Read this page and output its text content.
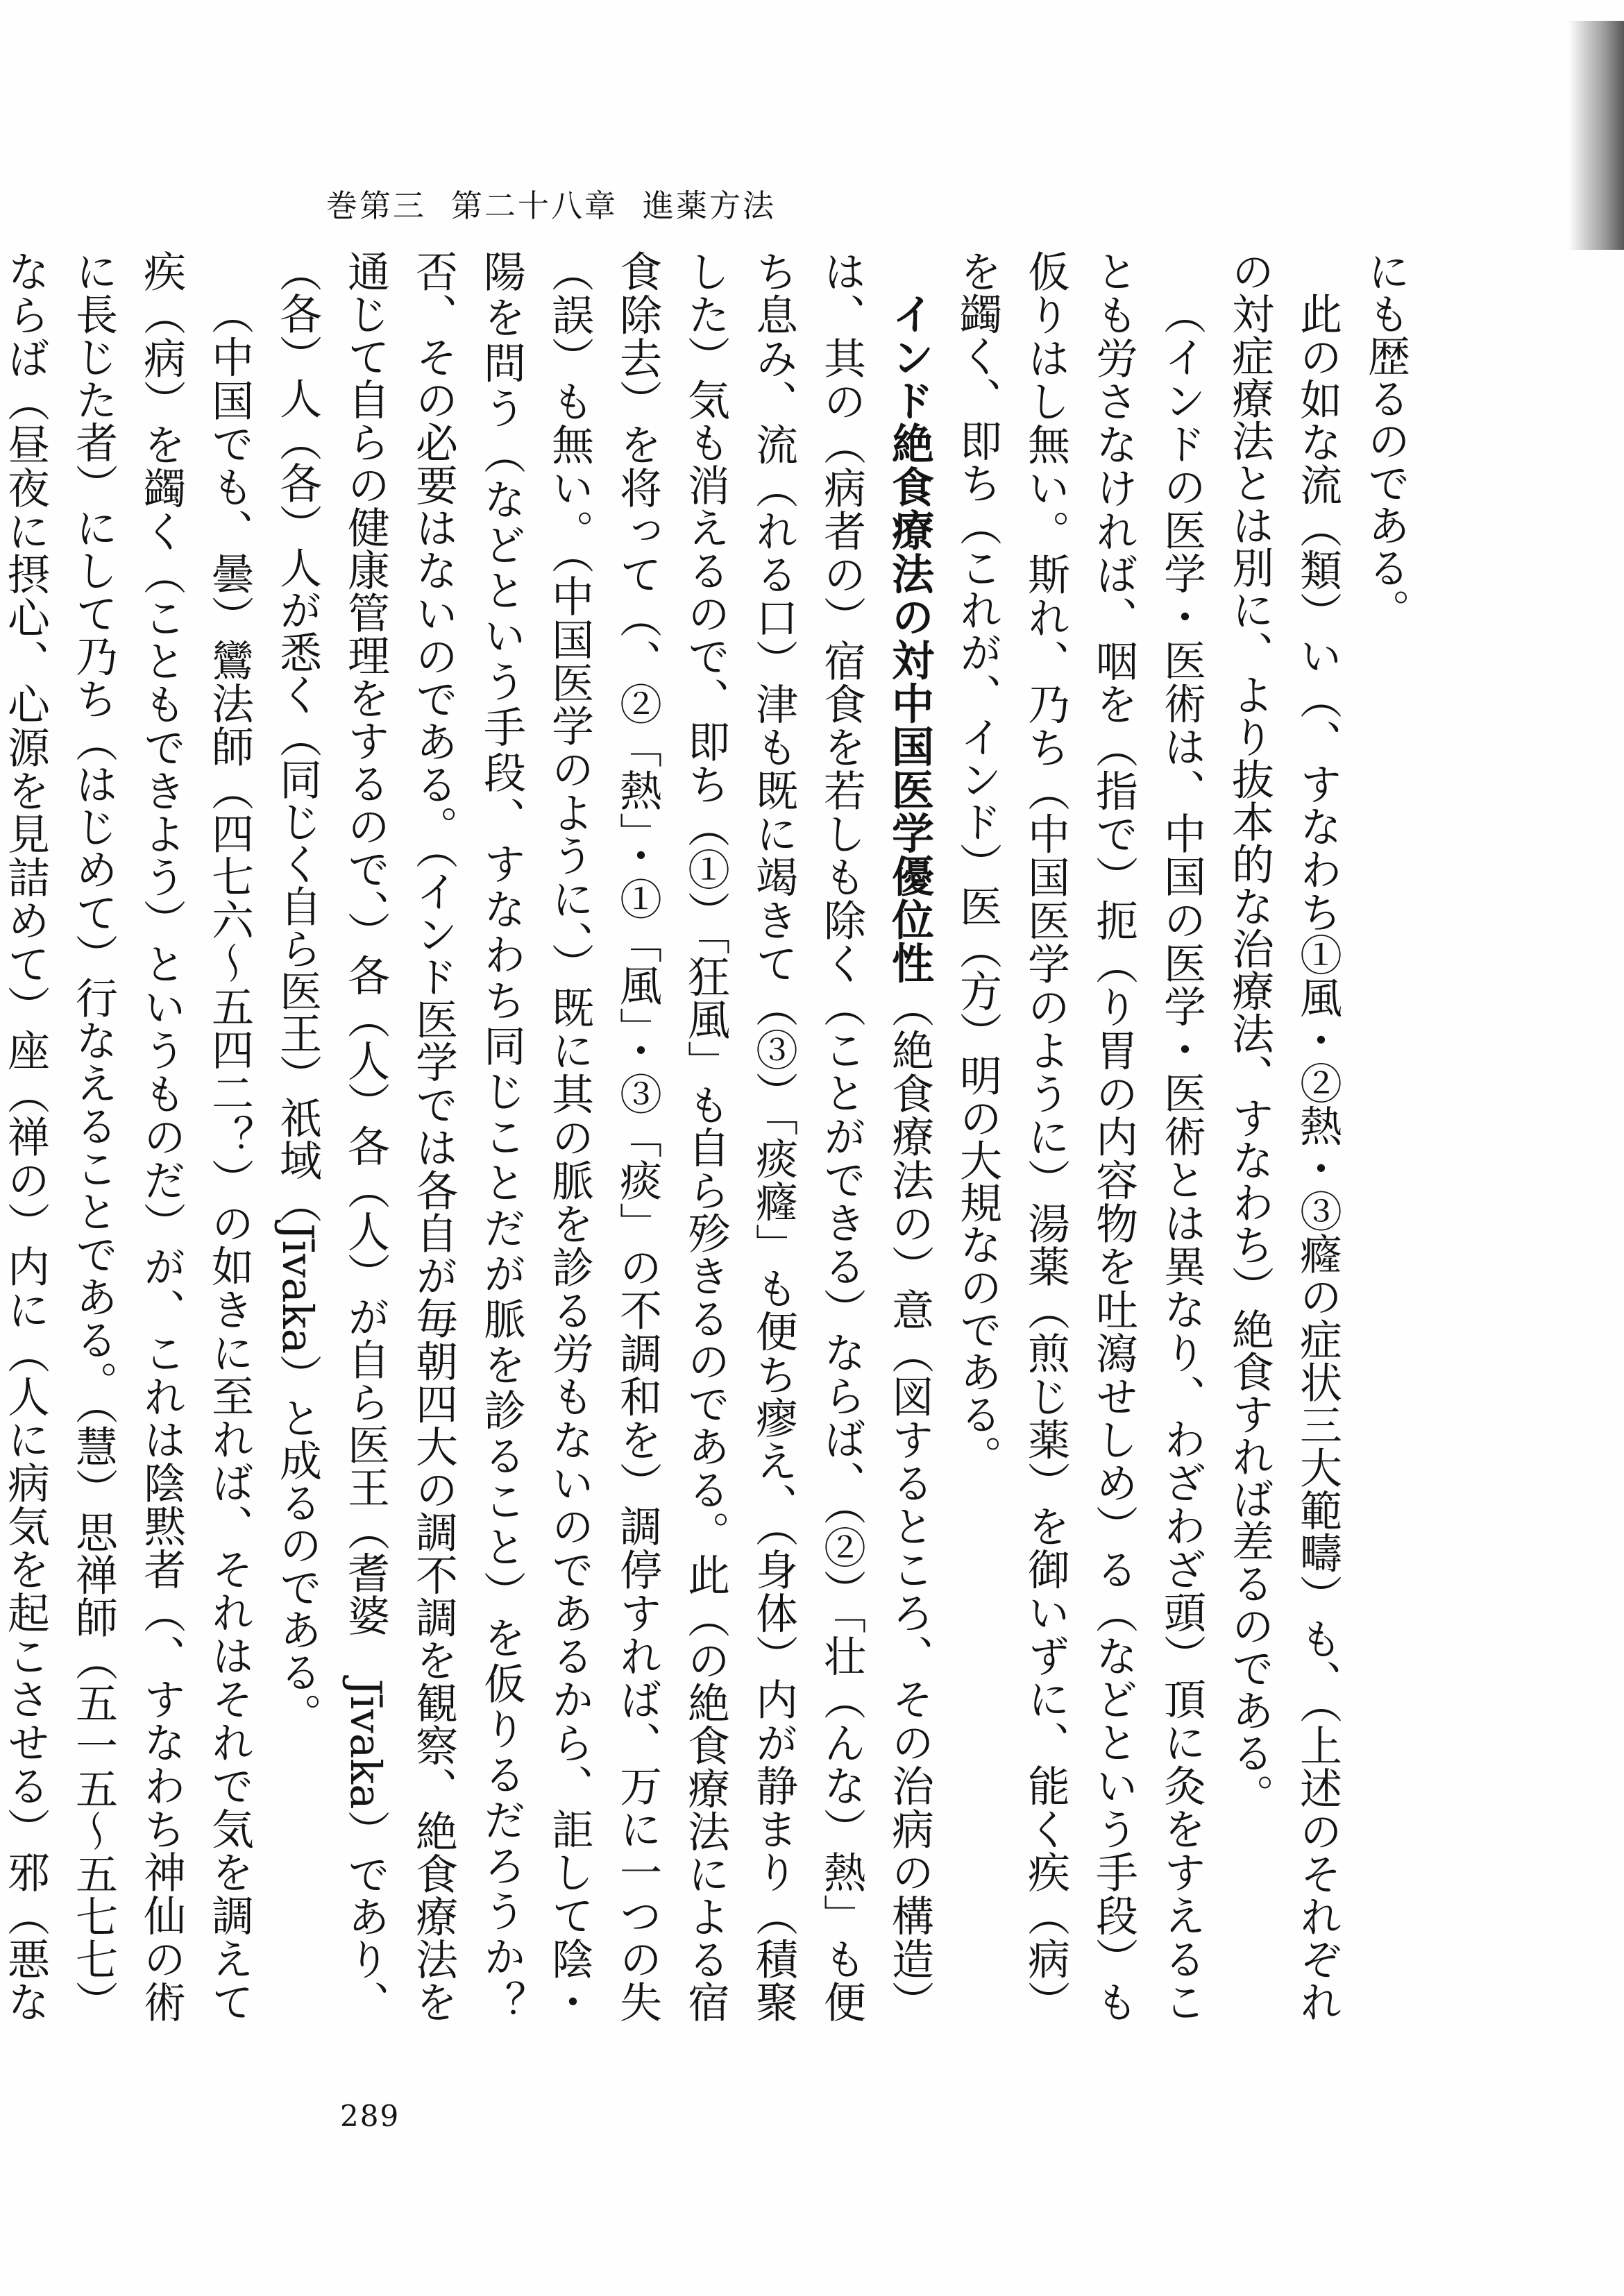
巻第三 第二十八章 進薬方法

にも歴るのである。

此の如な流（類）い（、すなわち①風・②熱・③癃の症状三大範疇）も、（上述のそれぞれの対症療法とは別に、より抜本的な治療法、すなわち）絶食すれば差るのである。

（インドの医学・医術は、中国の医学・医術とは異なり、わざわざ頭）頂に灸をすえることも労さなければ、咽を（指で）扼（り胃の内容物を吐瀉せしめ）る（などという手段）も仮りはし無い。斯れ、乃ち（中国医学のように）湯薬（煎じ薬）を御いずに、能く疾（病）を蠲く、即ち（これが、インド）医（方）明の大規なのである。

インド絶食療法の対中国医学優位性（絶食療法の）意（図するところ、その治病の構造）は、其の（病者の）宿食を若しも除く（ことができる）ならば、（②）「壮（んな）熱」も便ち息み、流（れる口）津も既に竭きて（③）「痰癃」も便ち瘳え、（身体）内が静まり（積聚した）気も消えるので、即ち（①）「狂風」も自ら殄きるのである。此（の絶食療法による宿食除去）を将って（、②「熱」・①「風」・③「痰」の不調和を）調停すれば、万に一つの失（誤）も無い。（中国医学のように、）既に其の脈を診る労もないのであるから、詎して陰・陽を問う（などという手段、すなわち同じことだが脈を診ること）を仮りるだろうか？　否、その必要はないのである。（インド医学では各自が毎朝四大の調不調を観察、絶食療法を通じて自らの健康管理をするので、）各（人）各（人）が自ら医王（耆婆　Jīvaka）であり、（各）人（各）人が悉く（同じく自ら医王）祇域（Jīvaka）と成るのである。

（中国でも、曇）鸞法師（四七六〜五四二？）の如きに至れば、それはそれで気を調えて疾（病）を蠲く（こともできよう）というものだ）が、これは陰黙者（、すなわち神仙の術に長じた者）にして乃ち（はじめて）行なえることである。（慧）思禅師（五一五〜五七七）ならば（昼夜に摂心、心源を見詰めて）座（禅の）内に（人に病気を起こさせる）邪（悪な

289
